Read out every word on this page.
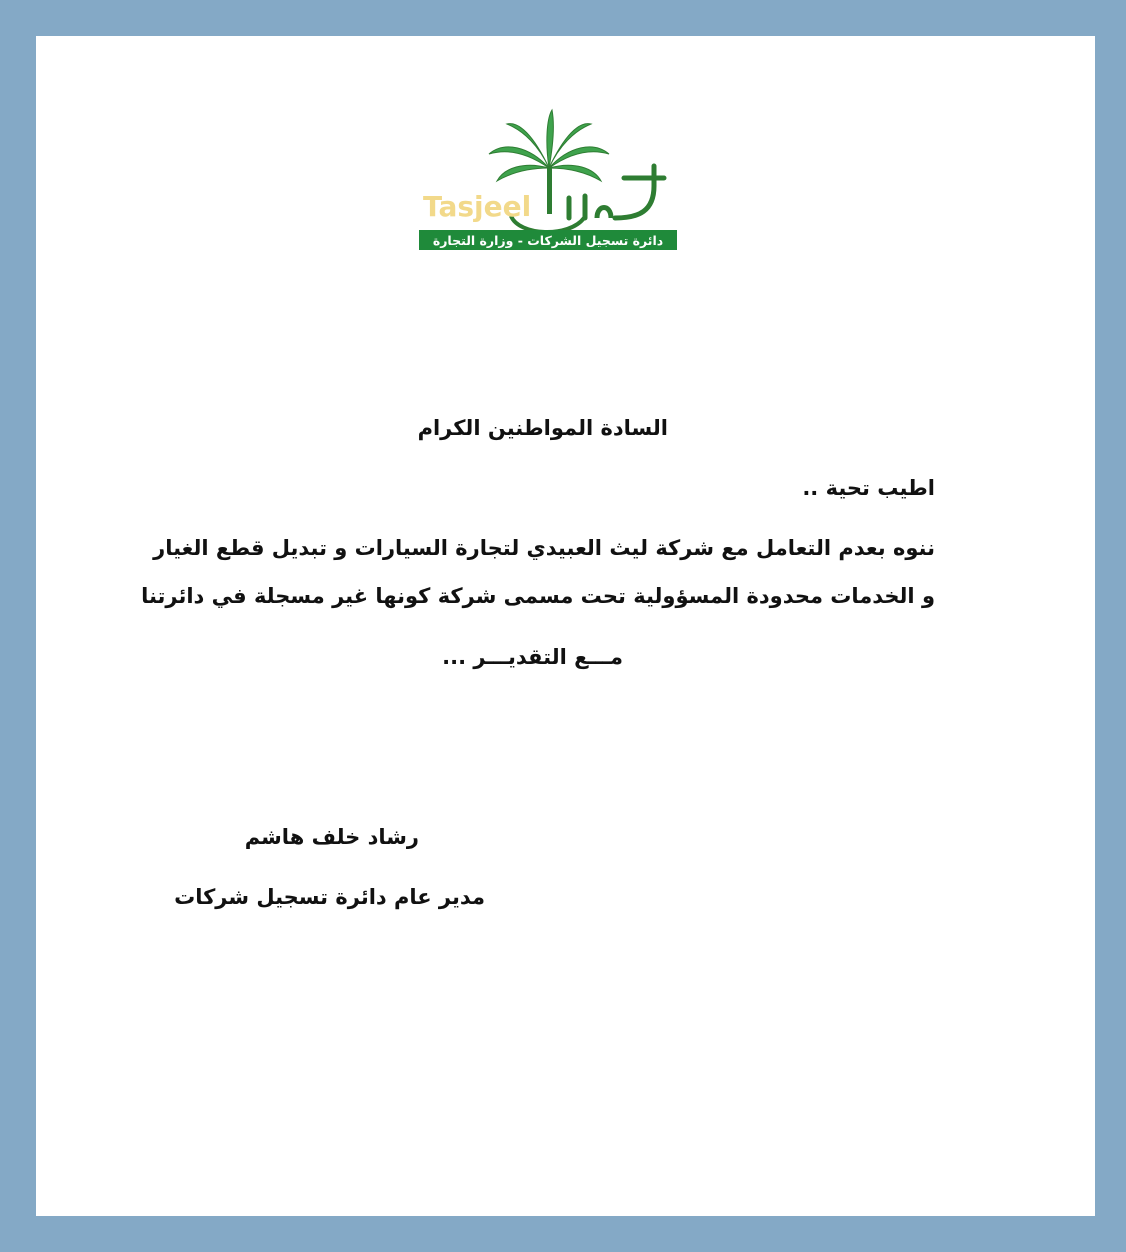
Tasjeel
دائرة تسجيل الشركات - وزارة التجارة
السادة المواطنين الكرام
اطيب تحية ..
ننوه بعدم التعامل مع شركة ليث العبيدي لتجارة السيارات و تبديل قطع الغيار
و الخدمات محدودة المسؤولية تحت مسمى شركة كونها غير مسجلة في دائرتنا
مـــع التقديـــر ...
رشاد خلف هاشم
مدير عام دائرة تسجيل شركات
